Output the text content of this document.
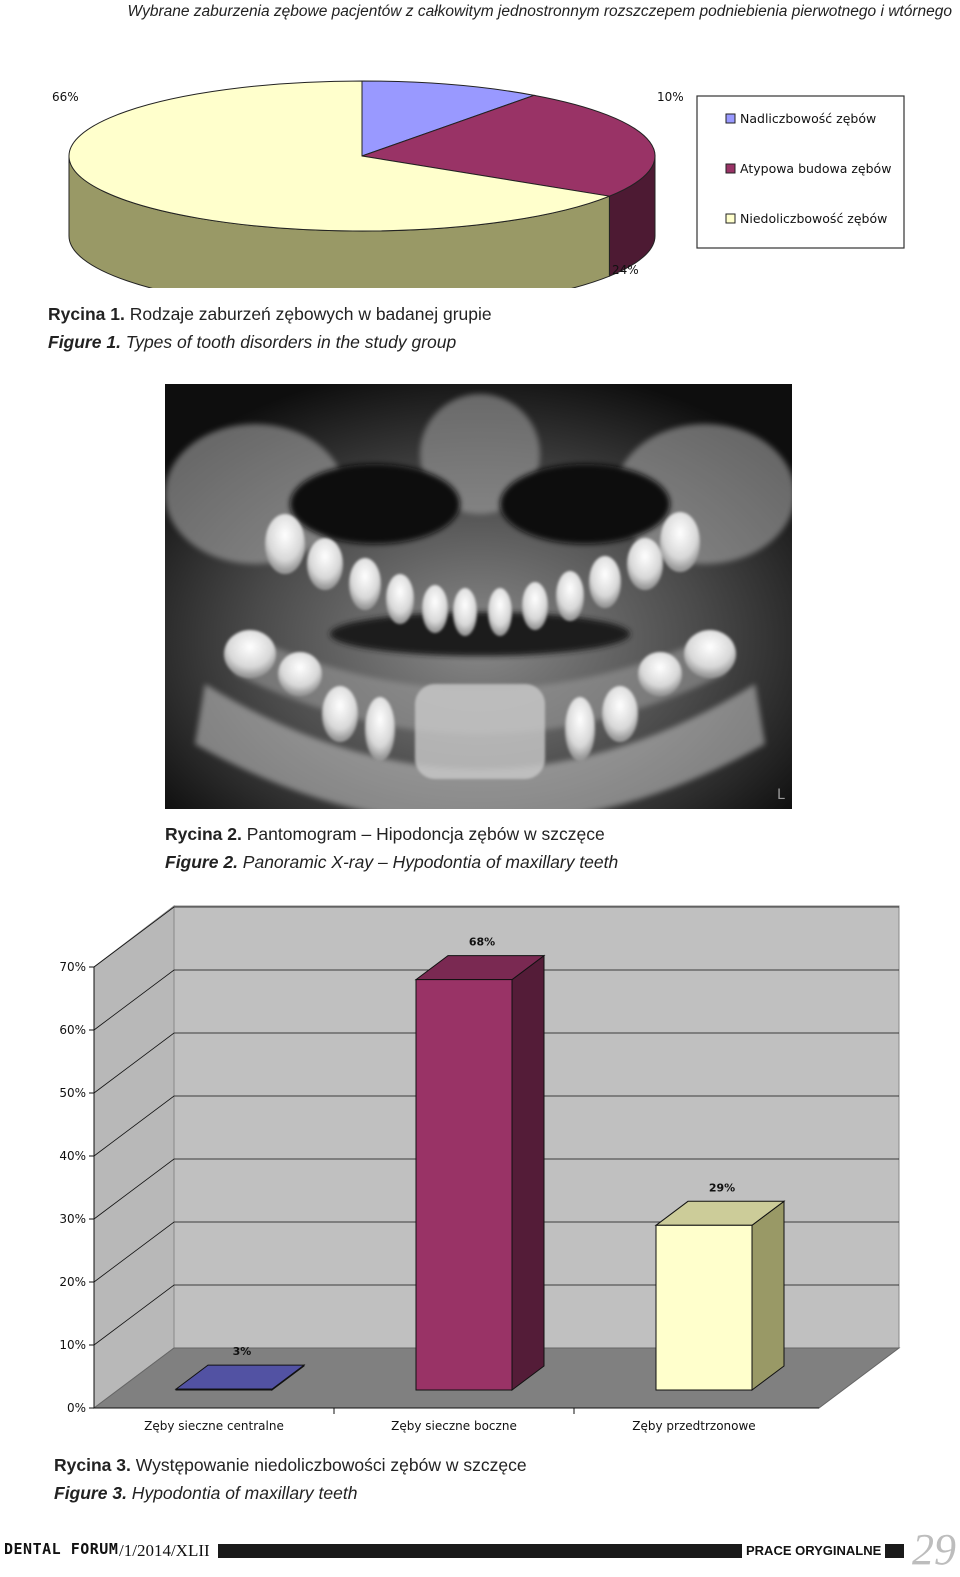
Wybrane zaburzenia zębowe pacjentów z całkowitym jednostronnym rozszczepem podniebienia pierwotnego i wtórnego
10%
24%
66%
Nadliczbowość zębów
Atypowa budowa zębów
Niedoliczbowość zębów
Rycina 1. Rodzaje zaburzeń zębowych w badanej grupie
Figure 1. Types of tooth disorders in the study group
L
Rycina 2. Pantomogram – Hipodoncja zębów w szczęce
Figure 2. Panoramic X-ray – Hypodontia of maxillary teeth
3%
68%
29%
0%
10%
20%
30%
40%
50%
60%
70%
Zęby sieczne centralne	Zęby sieczne boczne	Zęby przedtrzonowe
Rycina 3. Występowanie niedoliczbowości zębów w szczęce
Figure 3. Hypodontia of maxillary teeth
DENTAL FORUM /1/2014/XLII	PRACE ORYGINALNE 29
